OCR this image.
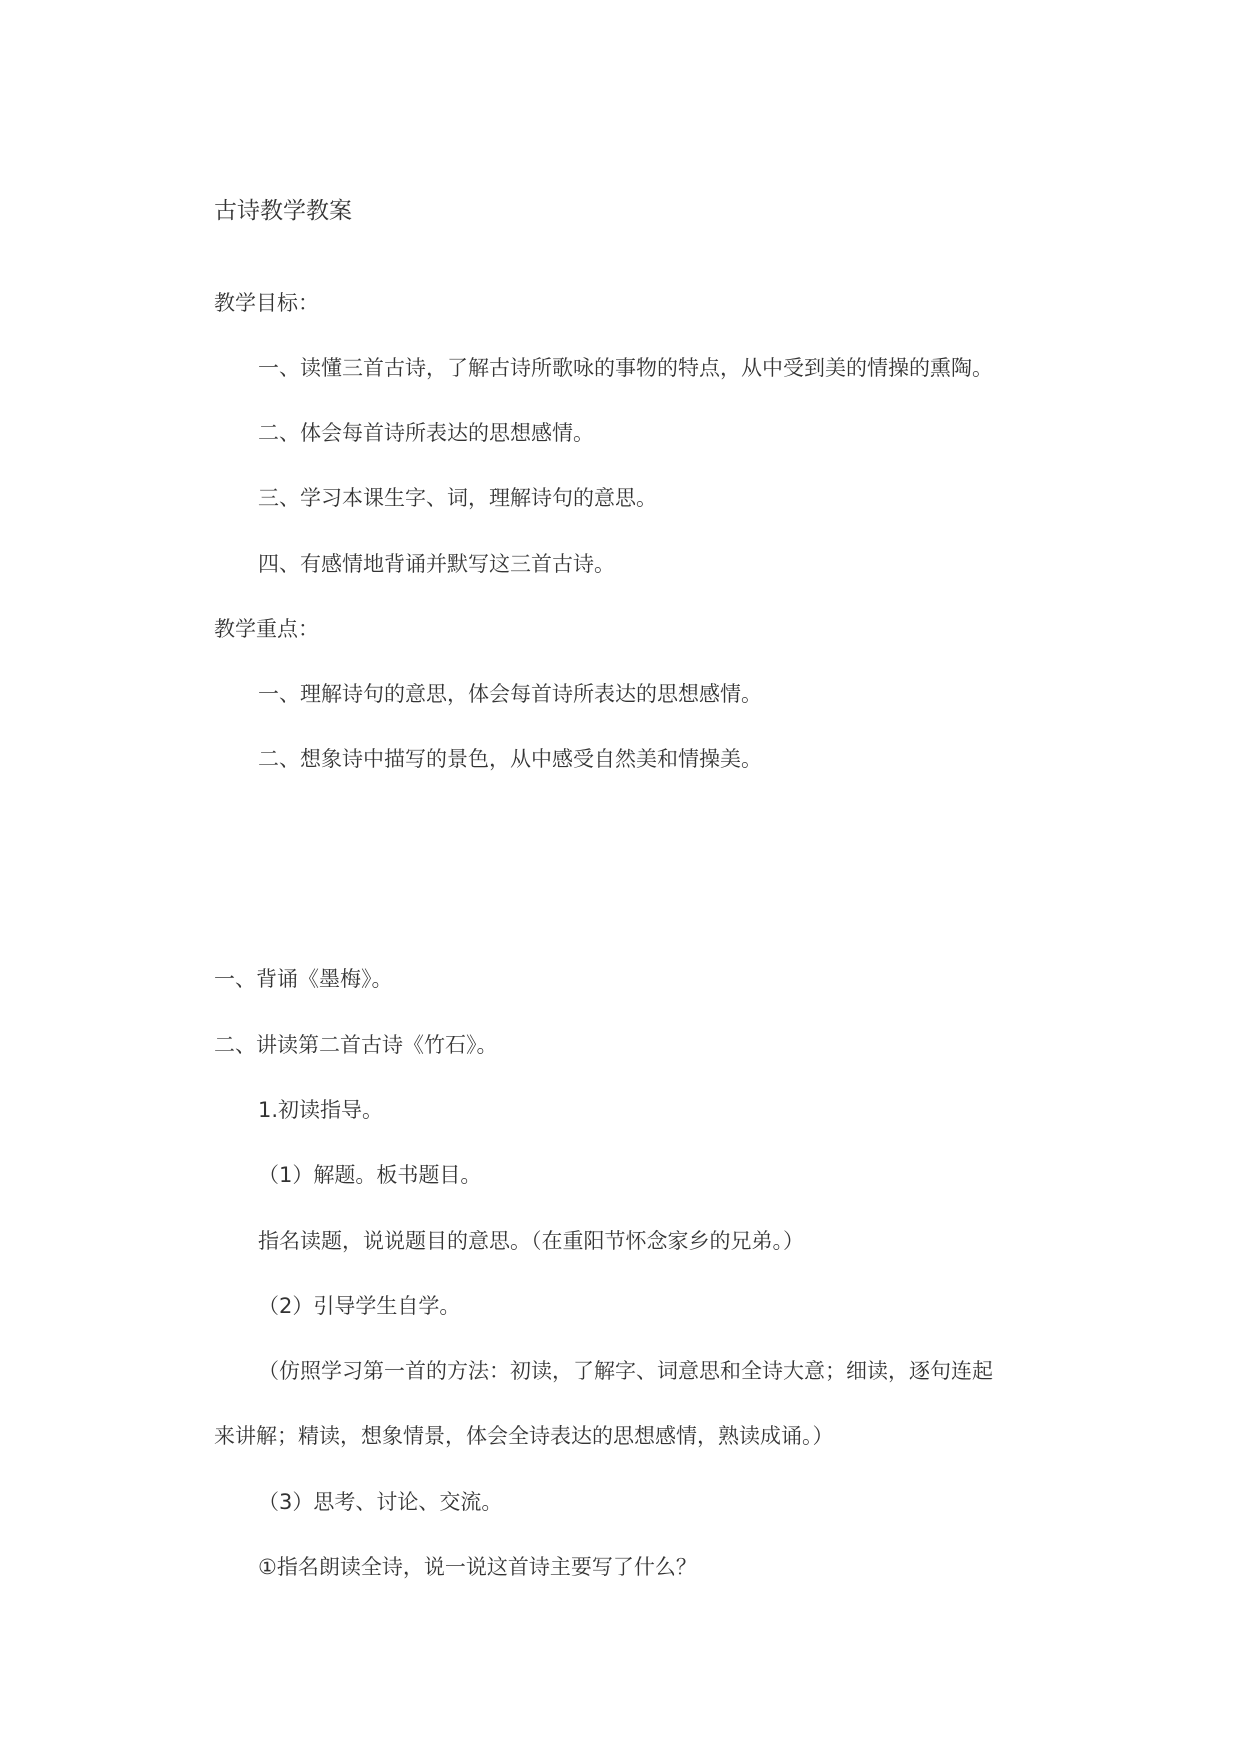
古诗教学教案

教学目标：

一、读懂三首古诗，了解古诗所歌咏的事物的特点，从中受到美的情操的熏陶。

二、体会每首诗所表达的思想感情。

三、学习本课生字、词，理解诗句的意思。

四、有感情地背诵并默写这三首古诗。

教学重点：

一、理解诗句的意思，体会每首诗所表达的思想感情。

二、想象诗中描写的景色，从中感受自然美和情操美。

一、背诵《墨梅》。

二、讲读第二首古诗《竹石》。

1.初读指导。

（1）解题。板书题目。

指名读题，说说题目的意思。（在重阳节怀念家乡的兄弟。）

（2）引导学生自学。

（仿照学习第一首的方法：初读，了解字、词意思和全诗大意；细读，逐句连起

来讲解；精读，想象情景，体会全诗表达的思想感情，熟读成诵。）

（3）思考、讨论、交流。

①指名朗读全诗，说一说这首诗主要写了什么？
